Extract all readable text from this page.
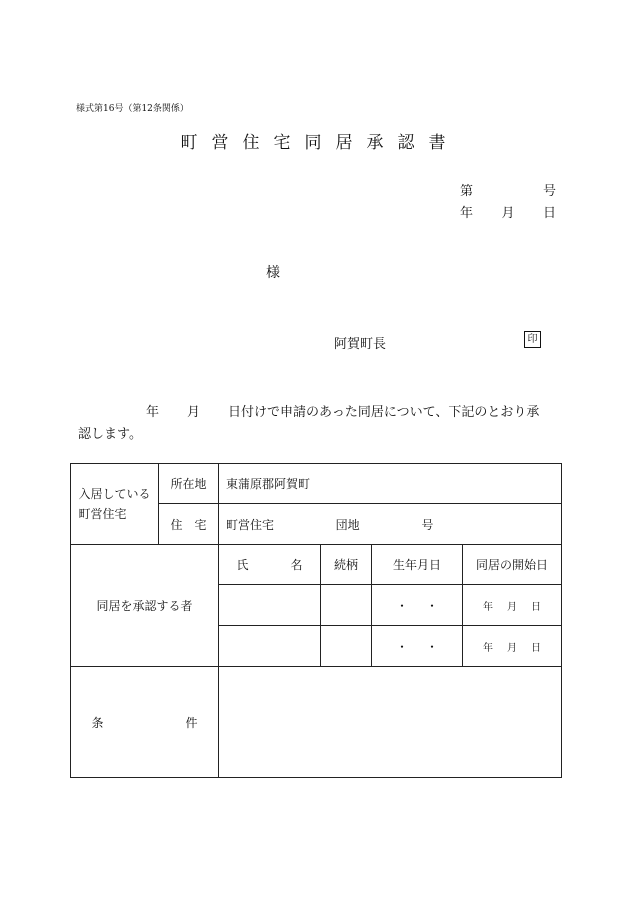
様式第16号（第12条関係）
町営住宅同居承認書
第	号
年 月 日
様
阿賀町長	印
年 月 日付けで申請のあった同居について、下記のとおり承
認します。
入居している町営住宅	所在地	東蒲原郡阿賀町			
	住　宅	町営住宅 団地 号			
同居を承認する者		氏 名	続柄	生年月日	同居の開始日

				・ ・	年 月 日

				・ ・	年 月 日

条 件					
